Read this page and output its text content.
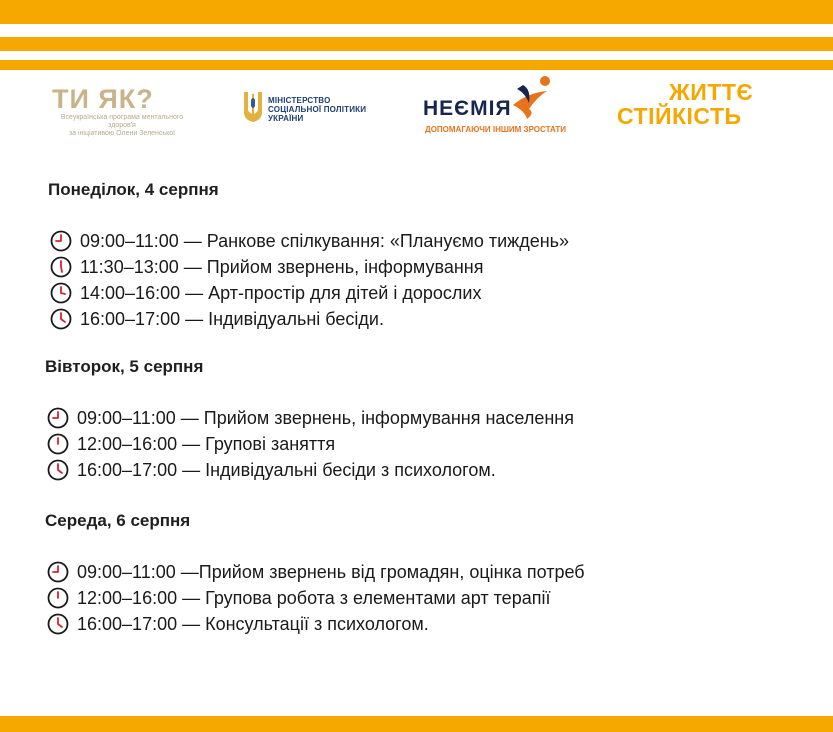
ТИ ЯК?
Всеукраїнська програма ментального здоров'я
за ініціативою Олени Зеленської
МІНІСТЕРСТВО
СОЦІАЛЬНОЇ ПОЛІТИКИ
УКРАЇНИ	НЕЄМІЯ
ДОПОМАГАЮЧИ ІНШИМ ЗРОСТАТИ
ЖИТТЄ
СТІЙКІСТЬ
Понеділок, 4 серпня
09:00–11:00 — Ранкове спілкування: «Плануємо тиждень»
11:30–13:00 — Прийом звернень, інформування
14:00–16:00 — Арт-простір для дітей і дорослих
16:00–17:00 — Індивідуальні бесіди.
Вівторок, 5 серпня
09:00–11:00 — Прийом звернень, інформування населення
12:00–16:00 — Групові заняття
16:00–17:00 — Індивідуальні бесіди з психологом.
Середа, 6 серпня
09:00–11:00 —Прийом звернень від громадян, оцінка потреб
12:00–16:00 — Групова робота з елементами арт терапії
16:00–17:00 — Консультації з психологом.
